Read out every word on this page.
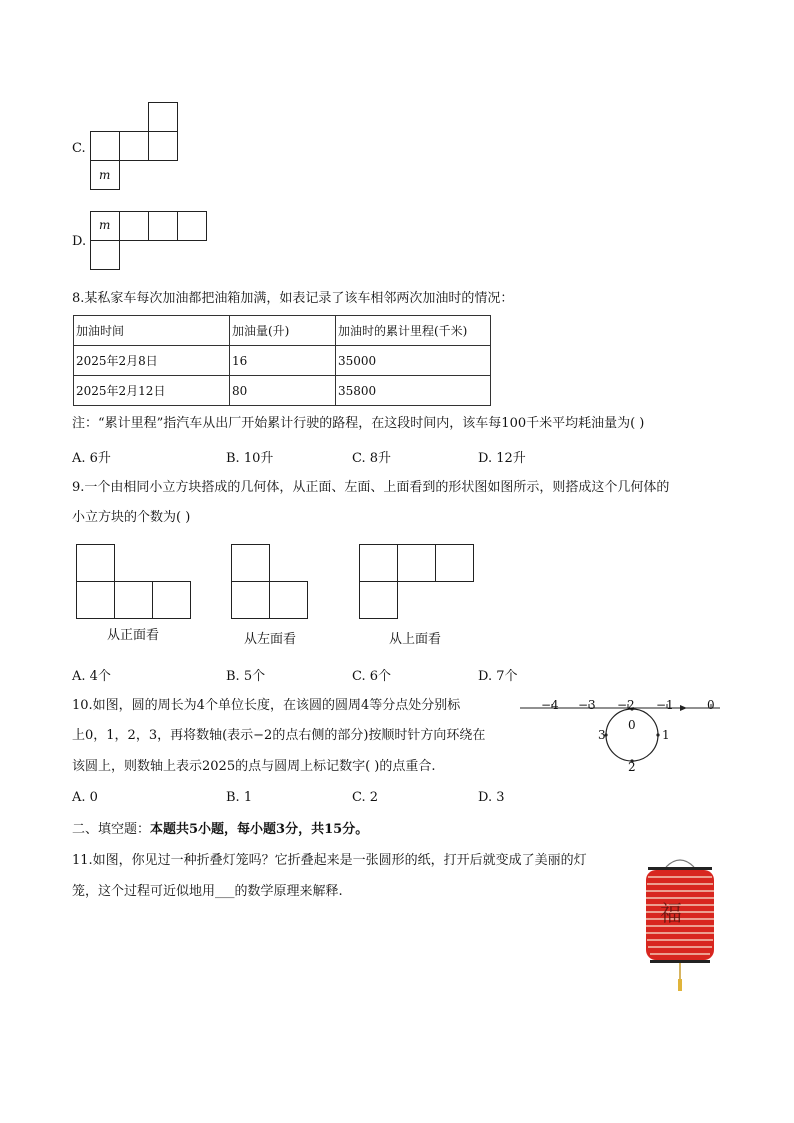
C.
m
D.
m
8.某私家车每次加油都把油箱加满，如表记录了该车相邻两次加油时的情况：
加油时间	加油量(升)	加油时的累计里程(千米)
2025年2月8日	16	35000
2025年2月12日	80	35800
注：“累计里程”指汽车从出厂开始累计行驶的路程，在这段时间内，该车每100千米平均耗油量为( )
A. 6升	B. 10升	C. 8升	D. 12升
9.一个由相同小立方块搭成的几何体，从正面、左面、上面看到的形状图如图所示，则搭成这个几何体的
小立方块的个数为( )
从正面看	从左面看	从上面看
A. 4个	B. 5个	C. 6个	D. 7个
10.如图，圆的周长为4个单位长度，在该圆的圆周4等分点处分别标
上0，1，2，3，再将数轴(表示−2的点右侧的部分)按顺时针方向环绕在
该圆上，则数轴上表示2025的点与圆周上标记数字( )的点重合.
−4 −3 −2 −1	0
0
1
2
3
A. 0	B. 1	C. 2	D. 3
二、填空题：本题共5小题，每小题3分，共15分。
11.如图，你见过一种折叠灯笼吗？它折叠起来是一张圆形的纸，打开后就变成了美丽的灯
笼，这个过程可近似地用___的数学原理来解释.
福
